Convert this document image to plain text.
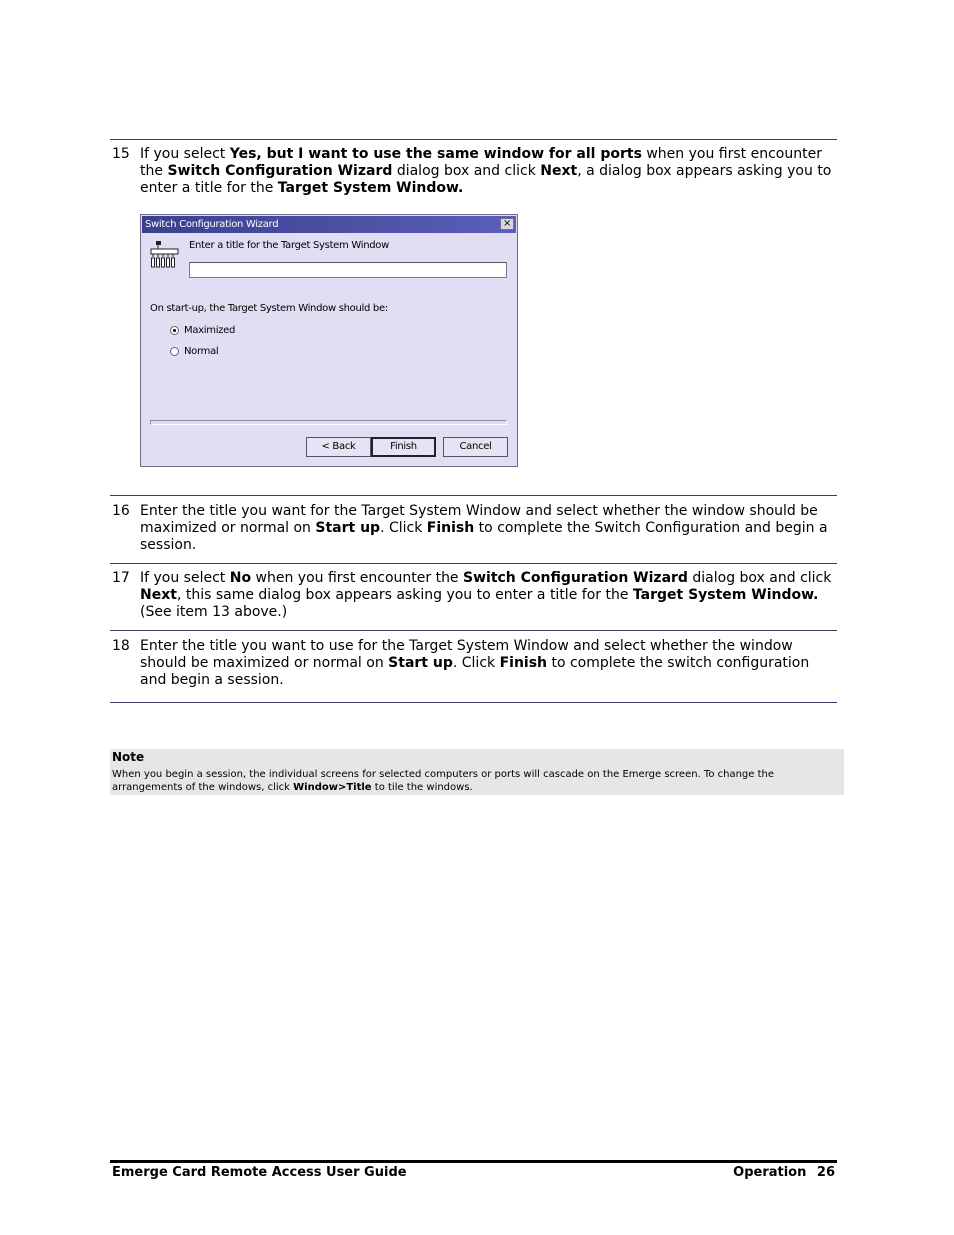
15 If you select Yes, but I want to use the same window for all ports when you first encounter the Switch Configuration Wizard dialog box and click Next, a dialog box appears asking you to enter a title for the Target System Window.
Switch Configuration Wizard	×
Enter a title for the Target System Window
On start-up, the Target System Window should be:
Maximized
Normal
< Back	Finish	Cancel
16 Enter the title you want for the Target System Window and select whether the window should be maximized or normal on Start up. Click Finish to complete the Switch Configuration and begin a session.
17 If you select No when you first encounter the Switch Configuration Wizard dialog box and click Next, this same dialog box appears asking you to enter a title for the Target System Window. (See item 13 above.)
18 Enter the title you want to use for the Target System Window and select whether the window should be maximized or normal on Start up. Click Finish to complete the switch configuration and begin a session.
Note
When you begin a session, the individual screens for selected computers or ports will cascade on the Emerge screen. To change the arrangements of the windows, click Window>Title to tile the windows.
Emerge Card Remote Access User Guide	Operation 26
